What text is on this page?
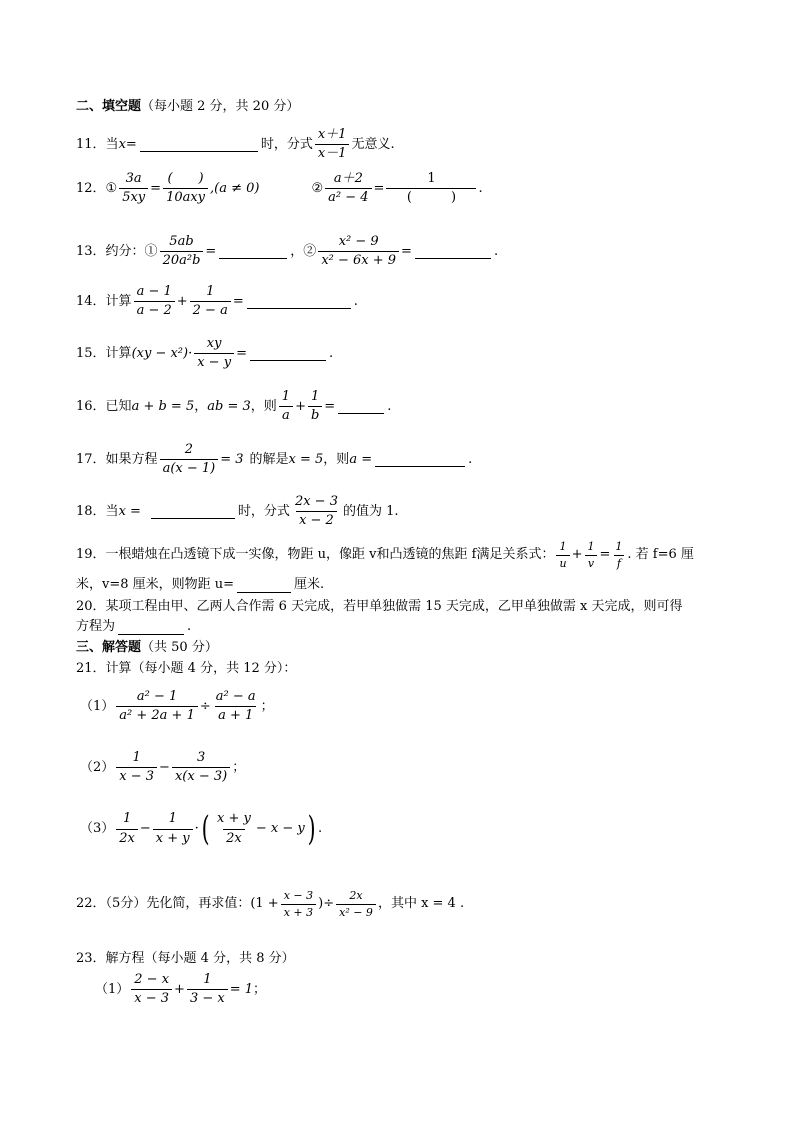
二、填空题 （每小题 2 分，共 20 分）
11． 当 x =	时，分式 $\frac{x+1}{x-1}$ 无意义.
12． ① $\frac{3a}{5xy} = \frac{( )}{\text{10axy}} ,(a \ne 0)$	② $\frac{a+2}{\text{a² − 4}} = \frac{1}{( )}$ .
13． 约分：① $\frac{5ab}{\text{20a²b}}$ =	，② $\frac{\text{x² − 9}}{\text{x² − 6x + 9}}$ =	.
14． 计算 $\frac{a - 1}{a - 2} + \frac{1}{2 - a}$ =	.
15． 计算 $(xy - x^2)\cdot \frac{xy}{x - y}$ =	.
16． 已知 a + b = 5 ， ab = 3 ，则 $\frac{1}{a} + \frac{1}{b}$ =	.
17． 如果方程 $\frac{2}{a(x - 1)} = 3$ 的解是 x = 5 ，则 a =	.
18． 当 x =	时，分式 $\frac{2x - 3}{x - 2}$ 的值为 1.
19．一根蜡烛在凸透镜下成一实像，物距 u，像距 v和凸透镜的焦距 f满足关系式： $\frac{1}{u} + \frac{1}{v} = \frac{1}{f}$ . 若 f=6 厘
米，v=8 厘米，则物距 u=	厘米.
20．某项工程由甲、乙两人合作需 6 天完成，若甲单独做需 15 天完成，乙甲单独做需 x 天完成，则可得
方程为	.
三、解答题 （共 50 分）
21．计算（每小题 4 分，共 12 分）：
$(1) \frac{\text{a² − 1}}{\text{a² + 2a + 1}} \div \frac{\text{a² − a}}{a + 1}$ ；
$(2) \frac{1}{x - 3} - \frac{3}{x(x - 3)}$ ；
$(3) \frac{1}{2x} - \frac{1}{x + y}$ · ( $\frac{x + y}{2x} - x - y$ ) .
22．（5分）先化简，再求值： ($1 + \frac{x - 3}{x + 3}$ ) ÷ $\frac{2x}{\text{x² − 9}}$ ，其中 x = 4 .
23．解方程（每小题 4 分，共 8 分）
$(1) \frac{2 - x}{x - 3} + \frac{1}{3 - x} = 1$ ；
